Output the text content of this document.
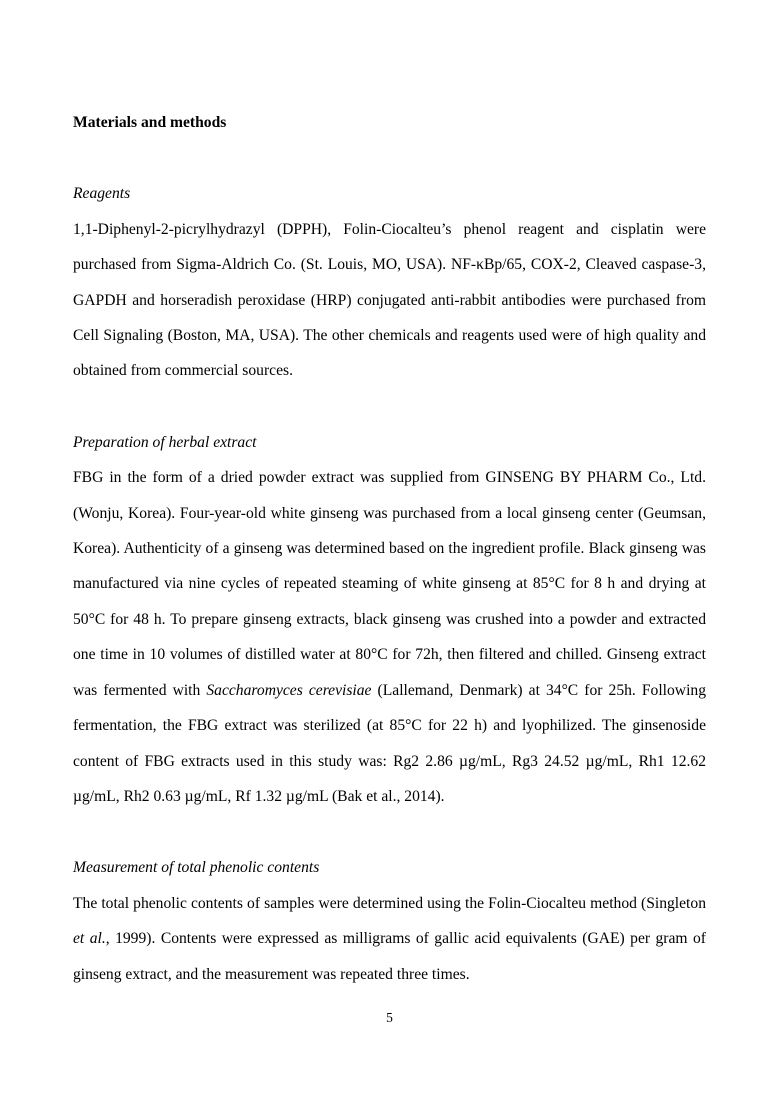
Materials and methods
Reagents

1,1-Diphenyl-2-picrylhydrazyl (DPPH), Folin-Ciocalteu’s phenol reagent and cisplatin were purchased from Sigma-Aldrich Co. (St. Louis, MO, USA). NF-κBp/65, COX-2, Cleaved caspase-3, GAPDH and horseradish peroxidase (HRP) conjugated anti-rabbit antibodies were purchased from Cell Signaling (Boston, MA, USA). The other chemicals and reagents used were of high quality and obtained from commercial sources.

Preparation of herbal extract

FBG in the form of a dried powder extract was supplied from GINSENG BY PHARM Co., Ltd. (Wonju, Korea). Four-year-old white ginseng was purchased from a local ginseng center (Geumsan, Korea). Authenticity of a ginseng was determined based on the ingredient profile. Black ginseng was manufactured via nine cycles of repeated steaming of white ginseng at 85°C for 8 h and drying at 50°C for 48 h. To prepare ginseng extracts, black ginseng was crushed into a powder and extracted one time in 10 volumes of distilled water at 80°C for 72h, then filtered and chilled. Ginseng extract was fermented with Saccharomyces cerevisiae (Lallemand, Denmark) at 34°C for 25h. Following fermentation, the FBG extract was sterilized (at 85°C for 22 h) and lyophilized. The ginsenoside content of FBG extracts used in this study was: Rg2 2.86 µg/mL, Rg3 24.52 µg/mL, Rh1 12.62 µg/mL, Rh2 0.63 µg/mL, Rf 1.32 µg/mL (Bak et al., 2014).

Measurement of total phenolic contents

The total phenolic contents of samples were determined using the Folin-Ciocalteu method (Singleton et al., 1999). Contents were expressed as milligrams of gallic acid equivalents (GAE) per gram of ginseng extract, and the measurement was repeated three times.

5
